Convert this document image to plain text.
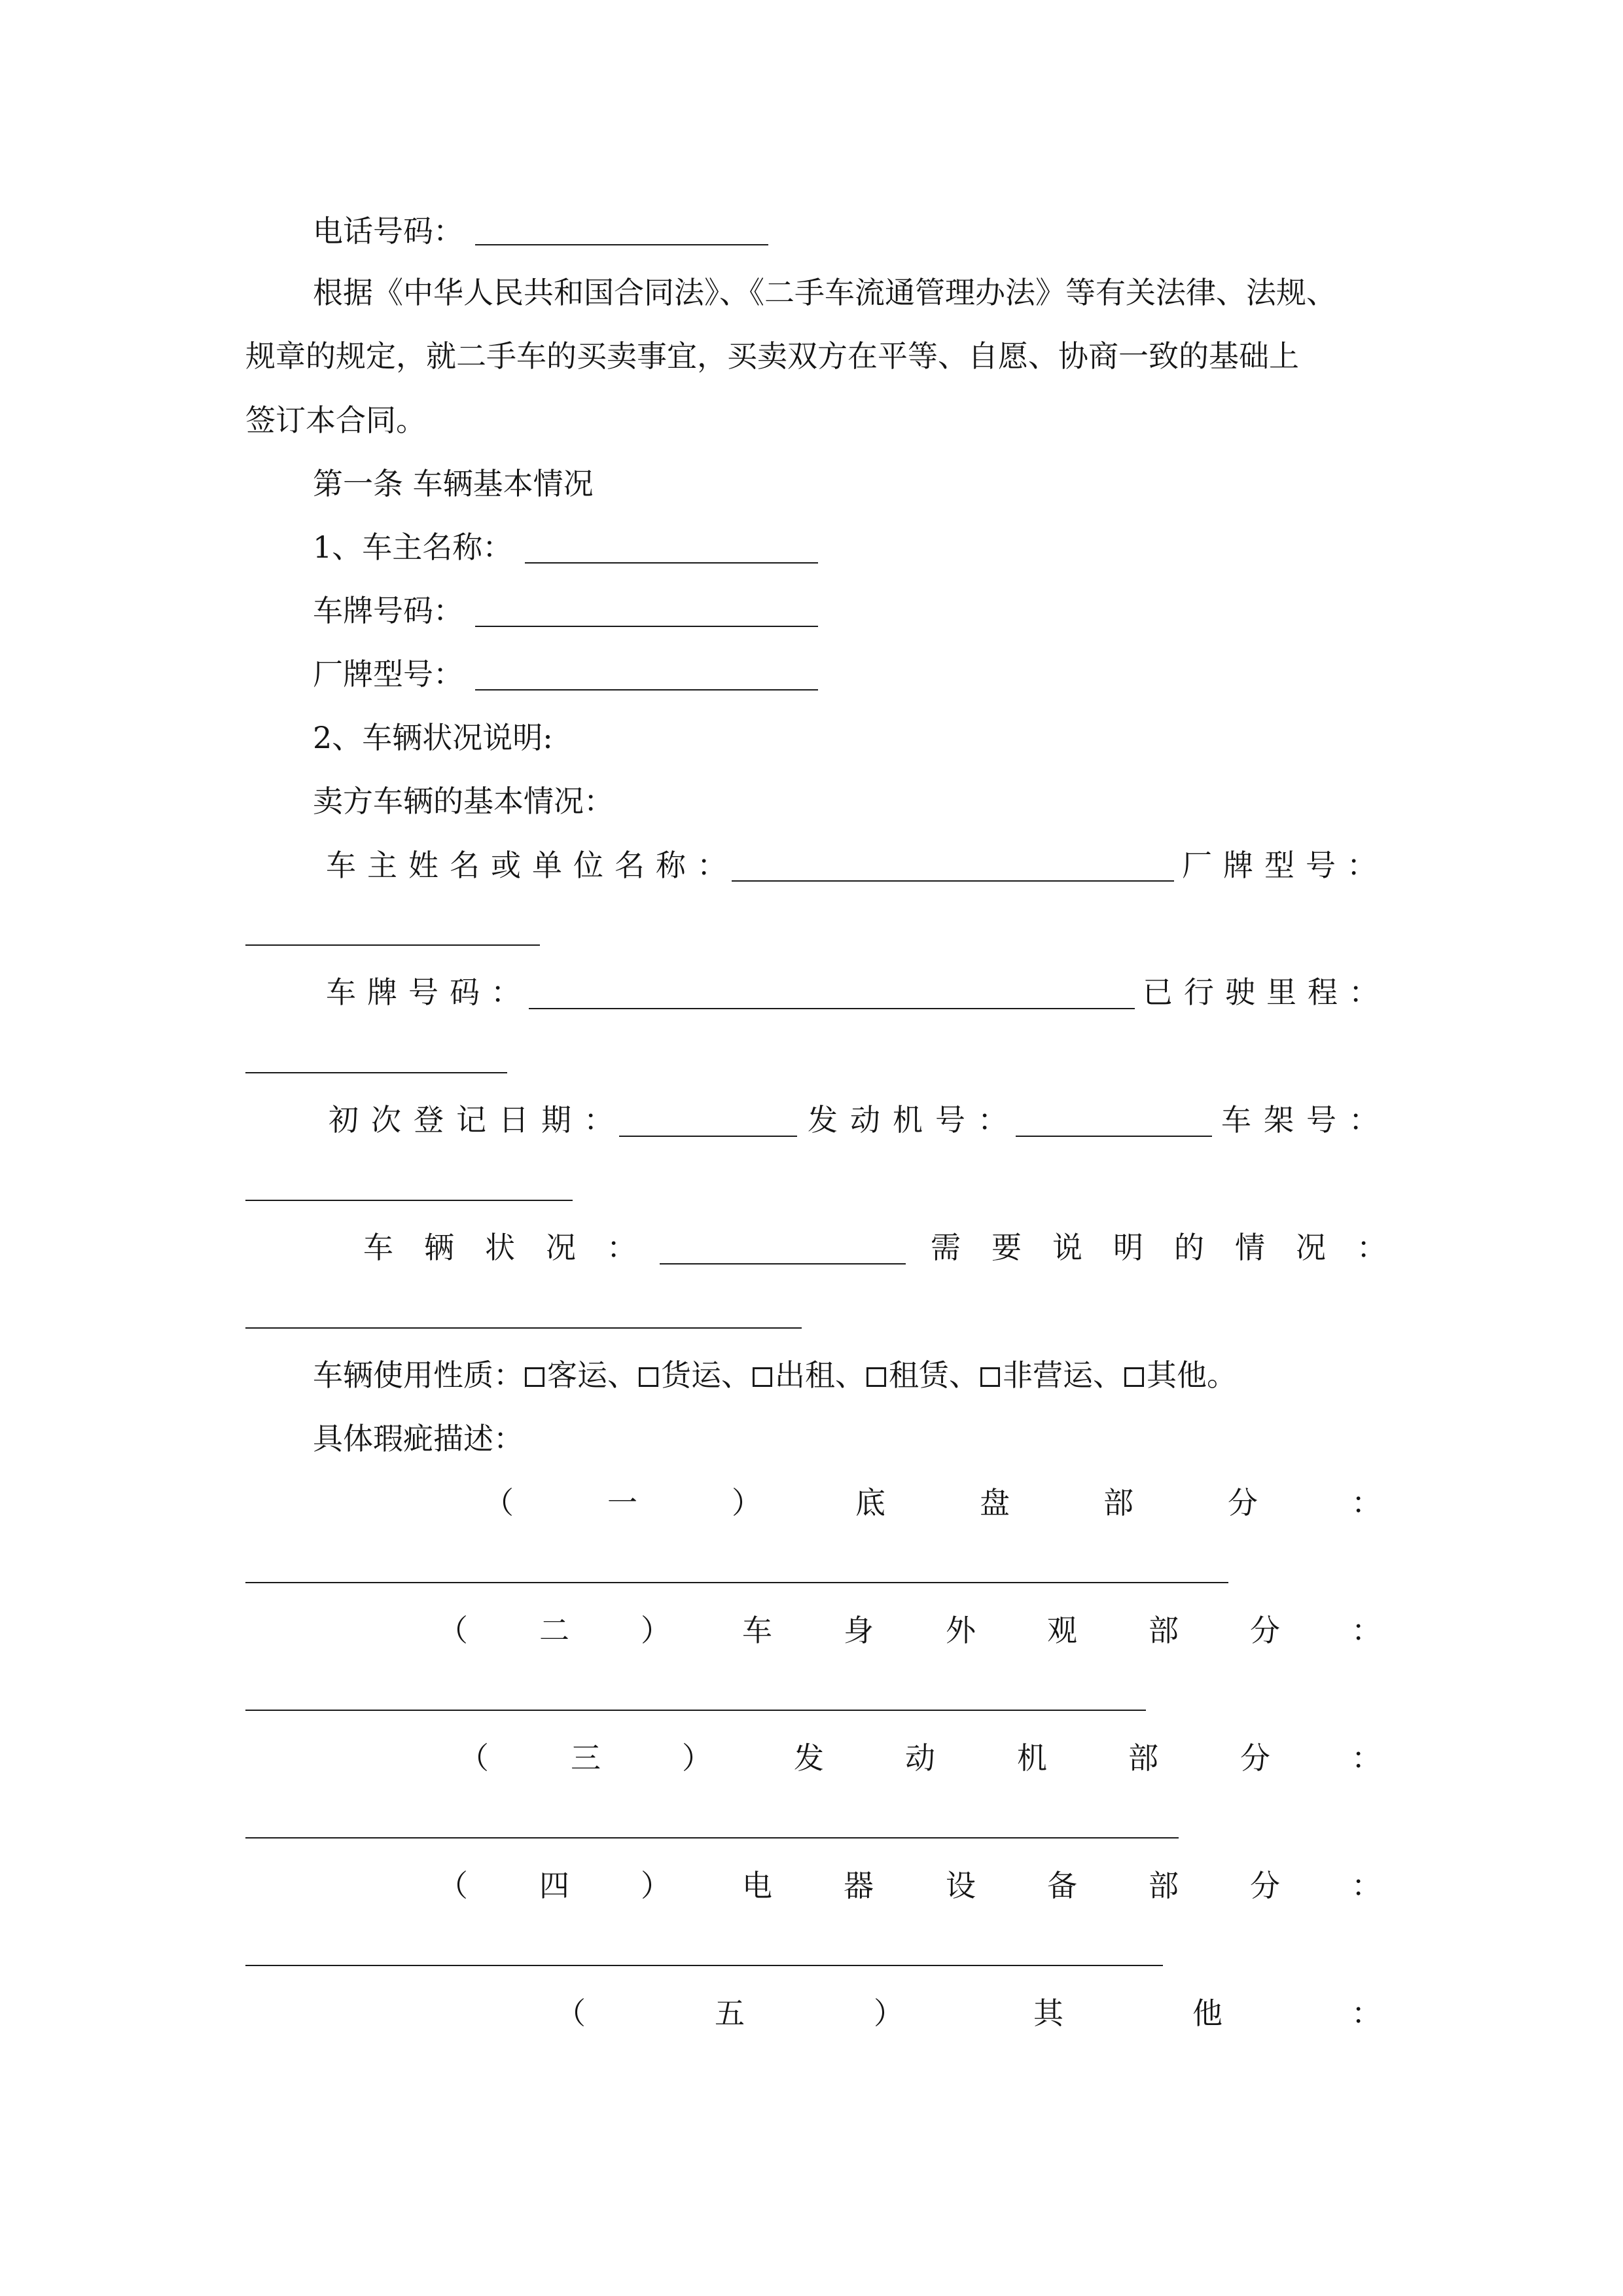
电话号码：
根据《中华人民共和国合同法》、《二手车流通管理办法》等有关法律、法规、
规章的规定，就二手车的买卖事宜，买卖双方在平等、自愿、协商一致的基础上
签订本合同。
第一条 车辆基本情况
1、车主名称：
车牌号码：
厂牌型号：
2、车辆状况说明:
卖方车辆的基本情况：
车主姓名或单位名称：	厂牌型号：
车牌号码：	已行驶里程：
初次登记日期：	发动机号：	车架号：
车辆状况：	需要说明的情况：
车辆使用性质： 客运、 货运、 出租、 租赁、 非营运、 其他。
具体瑕疵描述：
（	一	）	底	盘	部	分	：
（ 二 ） 车 身 外 观 部 分 ：
（	三	）	发	动	机	部	分	：
（ 四 ） 电 器 设 备 部 分 ：
（	五	）	其	他	：
